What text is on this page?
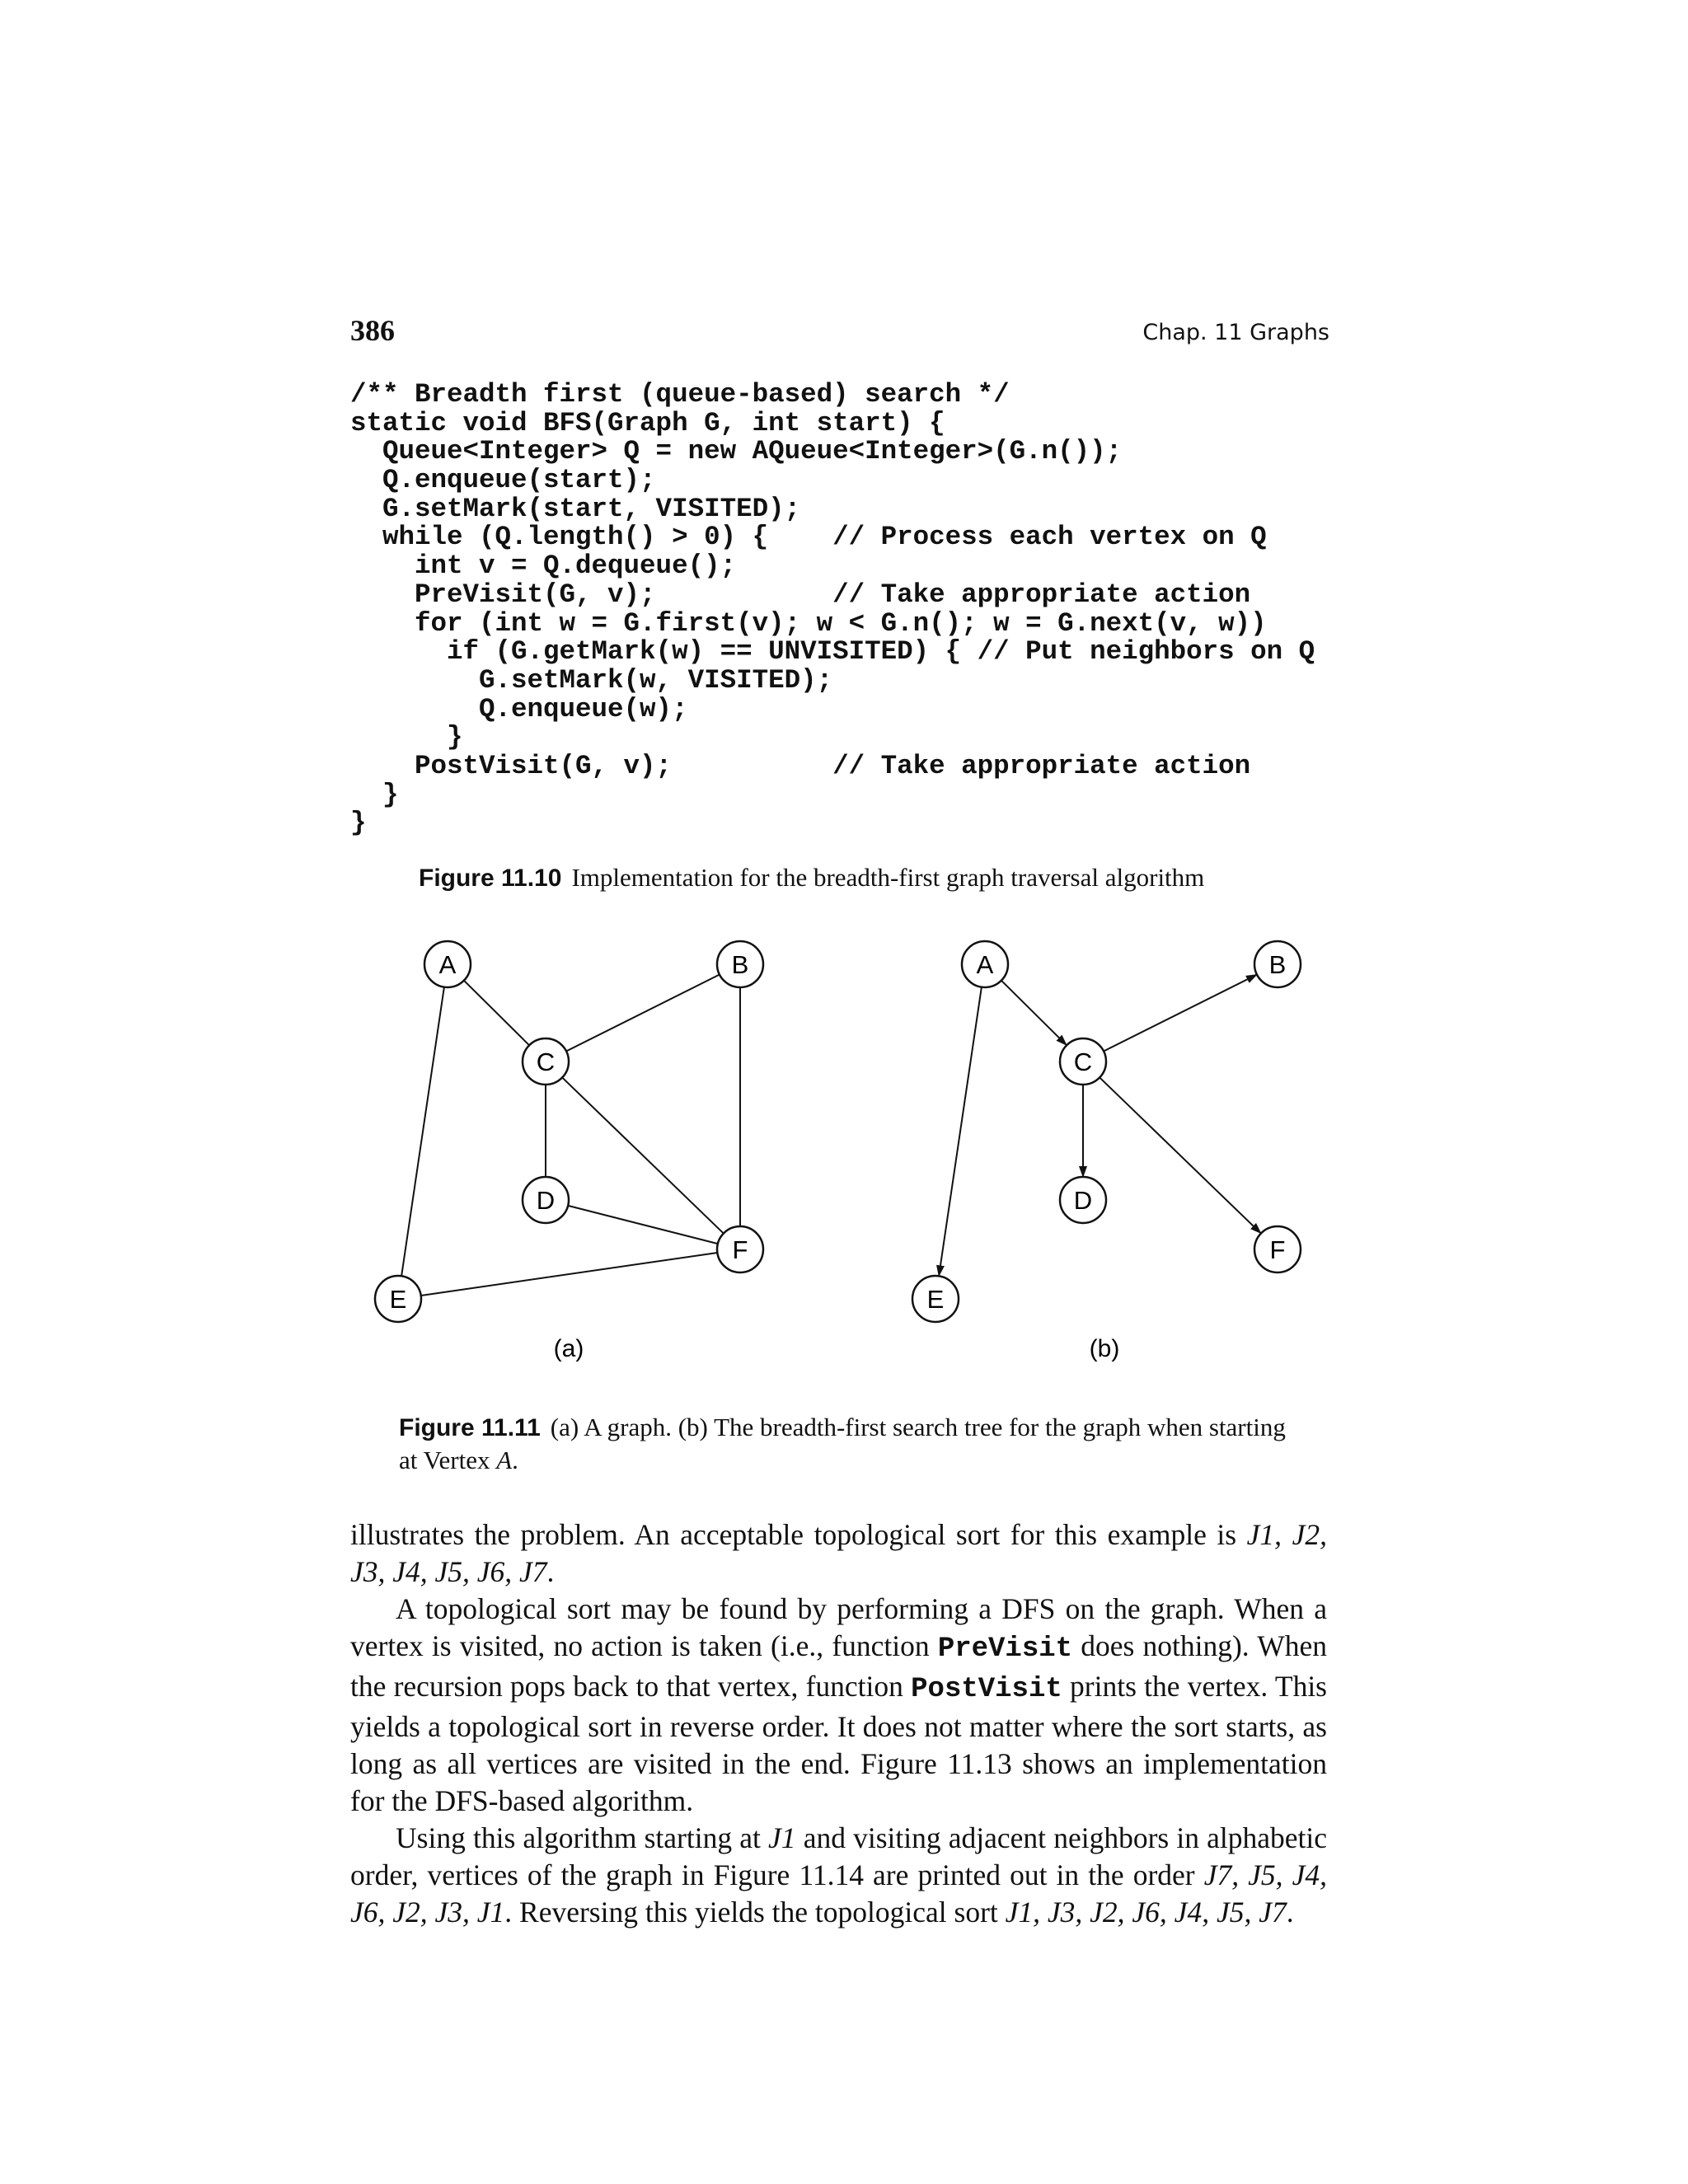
386	Chap. 11 Graphs
/** Breadth first (queue-based) search */
static void BFS(Graph G, int start) {
Queue<Integer> Q = new AQueue<Integer>(G.n());
Q.enqueue(start);
G.setMark(start, VISITED);
while (Q.length() > 0) {    // Process each vertex on Q
int v = Q.dequeue();
PreVisit(G, v);           // Take appropriate action
for (int w = G.first(v); w < G.n(); w = G.next(v, w))
if (G.getMark(w) == UNVISITED) { // Put neighbors on Q
G.setMark(w, VISITED);
Q.enqueue(w);
}
PostVisit(G, v);          // Take appropriate action
}
}
Figure 11.10 Implementation for the breadth-first graph traversal algorithm
A	B
C
D
E
F
A	B
C
D
E
F
(a)	(b)
Figure 11.11 (a) A graph. (b) The breadth-first search tree for the graph when starting at Vertex A.

illustrates the problem. An acceptable topological sort for this example is J1, J2, J3, J4, J5, J6, J7.

A topological sort may be found by performing a DFS on the graph. When a vertex is visited, no action is taken (i.e., function PreVisit does nothing). When the recursion pops back to that vertex, function PostVisit prints the vertex. This yields a topological sort in reverse order. It does not matter where the sort starts, as long as all vertices are visited in the end. Figure 11.13 shows an implementation for the DFS-based algorithm.

Using this algorithm starting at J1 and visiting adjacent neighbors in alphabetic order, vertices of the graph in Figure 11.14 are printed out in the order J7, J5, J4, J6, J2, J3, J1. Reversing this yields the topological sort J1, J3, J2, J6, J4, J5, J7.
